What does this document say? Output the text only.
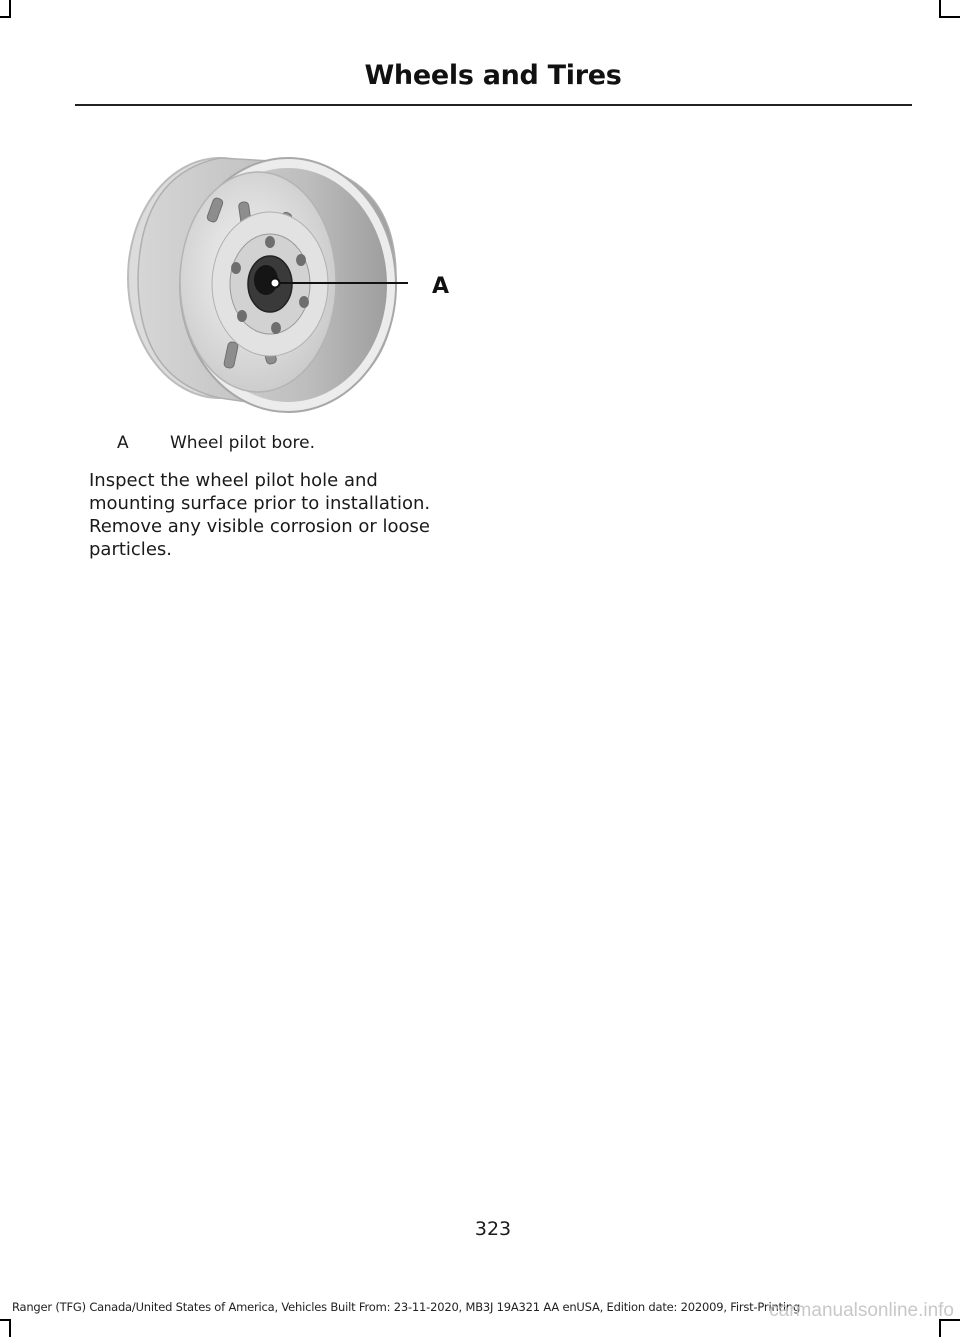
Wheels and Tires
A
A Wheel pilot bore.

Inspect the wheel pilot hole and mounting surface prior to installation. Remove any visible corrosion or loose particles.

323
Ranger (TFG) Canada/United States of America, Vehicles Built From: 23-11-2020, MB3J 19A321 AA enUSA, Edition date: 202009, First-Printing
carmanualsonline.info
